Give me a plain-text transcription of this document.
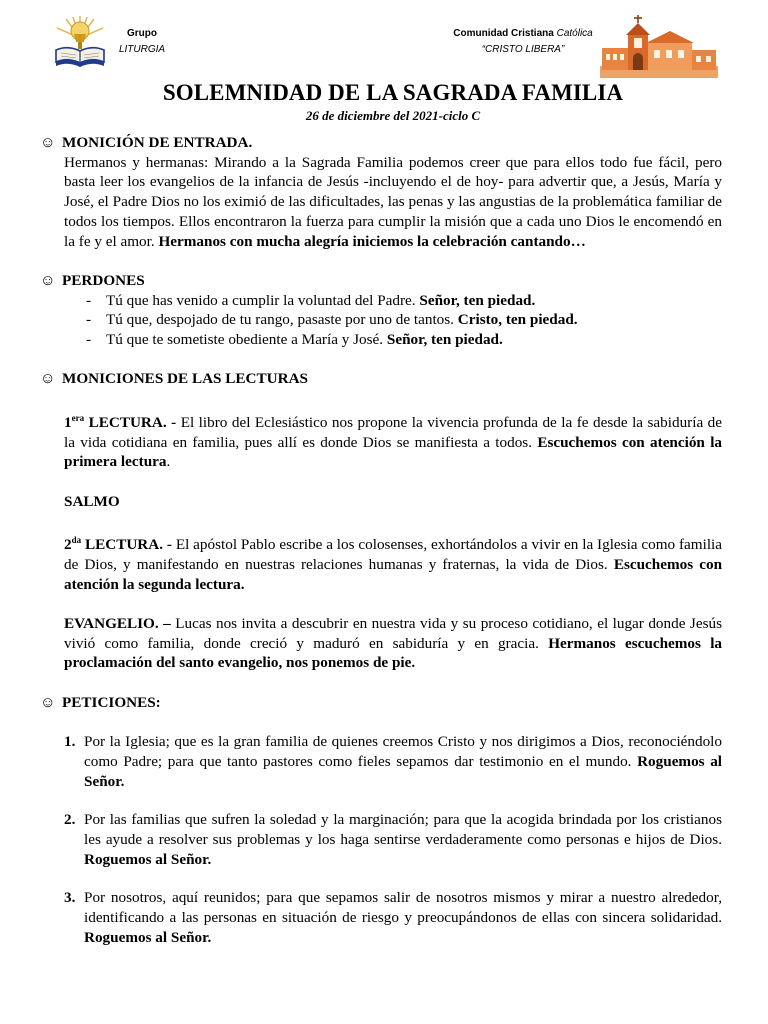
Grupo
LITURGIA
Comunidad Cristiana Católica
“CRISTO LIBERA”
SOLEMNIDAD DE LA SAGRADA FAMILIA
26 de diciembre del 2021-ciclo C

☺ MONICIÓN DE ENTRADA.

Hermanos y hermanas: Mirando a la Sagrada Familia podemos creer que para ellos todo fue fácil, pero basta leer los evangelios de la infancia de Jesús -incluyendo el de hoy- para advertir que, a Jesús, María y José, el Padre Dios no los eximió de las dificultades, las penas y las angustias de la problemática familiar de todos los tiempos. Ellos encontraron la fuerza para cumplir la misión que a cada uno Dios le encomendó en la fe y el amor. Hermanos con mucha alegría iniciemos la celebración cantando…

☺ PERDONES

- Tú que has venido a cumplir la voluntad del Padre. Señor, ten piedad.
- Tú que, despojado de tu rango, pasaste por uno de tantos. Cristo, ten piedad.
- Tú que te sometiste obediente a María y José. Señor, ten piedad.

☺ MONICIONES DE LAS LECTURAS

$1^{era}$ LECTURA. - El libro del Eclesiástico nos propone la vivencia profunda de la fe desde la sabiduría de la vida cotidiana en familia, pues allí es donde Dios se manifiesta a todos. Escuchemos con atención la primera lectura.

SALMO

$2^{da}$ LECTURA. - El apóstol Pablo escribe a los colosenses, exhortándolos a vivir en la Iglesia como familia de Dios, y manifestando en nuestras relaciones humanas y fraternas, la vida de Dios. Escuchemos con atención la segunda lectura.

EVANGELIO. – Lucas nos invita a descubrir en nuestra vida y su proceso cotidiano, el lugar donde Jesús vivió como familia, donde creció y maduró en sabiduría y en gracia. Hermanos escuchemos la proclamación del santo evangelio, nos ponemos de pie.

☺ PETICIONES:

1. Por la Iglesia; que es la gran familia de quienes creemos Cristo y nos dirigimos a Dios, reconociéndolo como Padre; para que tanto pastores como fieles sepamos dar testimonio en el mundo. Roguemos al Señor.
2. Por las familias que sufren la soledad y la marginación; para que la acogida brindada por los cristianos les ayude a resolver sus problemas y los haga sentirse verdaderamente como personas e hijos de Dios. Roguemos al Señor.
3. Por nosotros, aquí reunidos; para que sepamos salir de nosotros mismos y mirar a nuestro alrededor, identificando a las personas en situación de riesgo y preocupándonos de ellas con sincera solidaridad. Roguemos al Señor.
